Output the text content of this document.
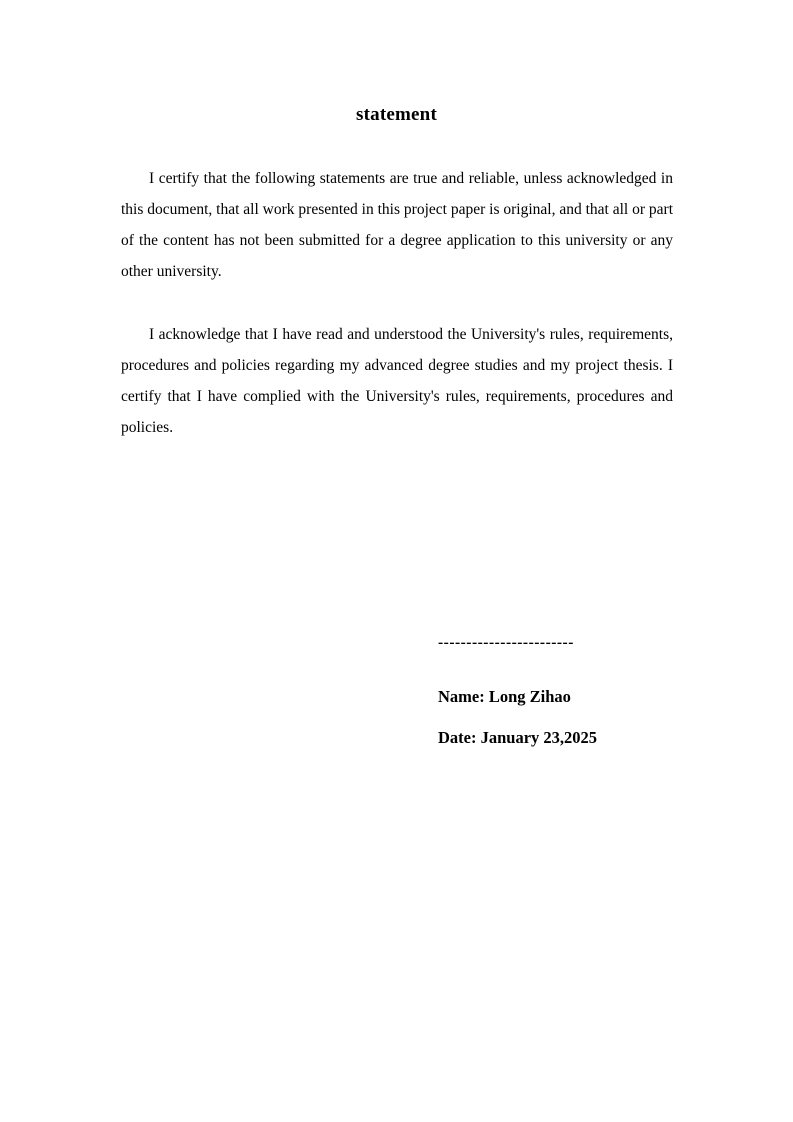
statement
I certify that the following statements are true and reliable, unless acknowledged in this document, that all work presented in this project paper is original, and that all or part of the content has not been submitted for a degree application to this university or any other university.
I acknowledge that I have read and understood the University's rules, requirements, procedures and policies regarding my advanced degree studies and my project thesis. I certify that I have complied with the University's rules, requirements, procedures and policies.
------------------------
Name: Long Zihao
Date: January 23,2025
